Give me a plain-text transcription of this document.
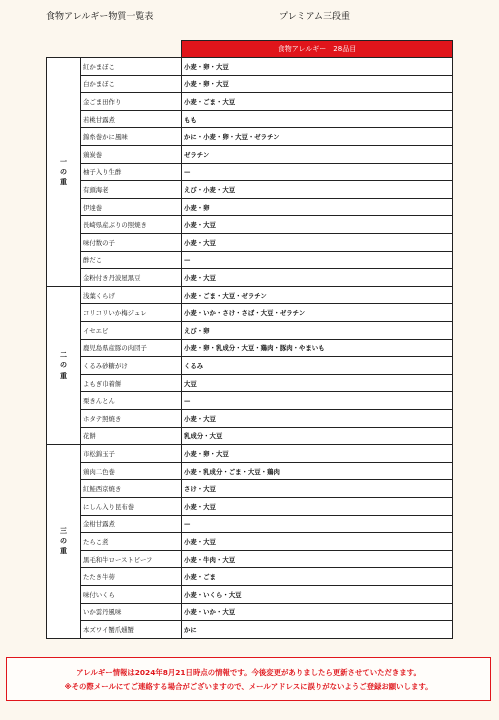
食物アレルギー物質一覧表	プレミアム三段重
		食物アレルギー　28品目
一
の
重	紅かまぼこ	小麦・卵・大豆
	白かまぼこ	小麦・卵・大豆
	金ごま田作り	小麦・ごま・大豆
	若桃甘露煮	もも
	錦糸巻かに風味	かに・小麦・卵・大豆・ゼラチン
	鶏炭巻	ゼラチン
	柚子入り生酢	—
	有頭海老	えび・小麦・大豆
	伊達巻	小麦・卵
	長崎県産ぶりの照焼き	小麦・大豆
	味付数の子	小麦・大豆
	酢だこ	—
	金粉付き丹波屋黒豆	小麦・大豆
二
の
重	浅葉くらげ	小麦・ごま・大豆・ゼラチン
	コリコリいか梅ジュレ	小麦・いか・さけ・さば・大豆・ゼラチン
	イセエビ	えび・卵
	鹿児島県産豚の肉団子	小麦・卵・乳成分・大豆・鶏肉・豚肉・やまいも
	くるみ砂糖がけ	くるみ
	よもぎ巾着餅	大豆
	栗きんとん	—
	ホタテ照焼き	小麦・大豆
	花餅	乳成分・大豆
三
の
重	市松錦玉子	小麦・卵・大豆
	鶏肉二色巻	小麦・乳成分・ごま・大豆・鶏肉
	紅鮭西京焼き	さけ・大豆
	にしん入り昆布巻	小麦・大豆
	金柑甘露煮	—
	たらこ煮	小麦・大豆
	黒毛和牛ローストビーフ	小麦・牛肉・大豆
	たたき牛蒡	小麦・ごま
	味付いくら	小麦・いくら・大豆
	いか雲丹風味	小麦・いか・大豆
	本ズワイ蟹爪燻蟹	かに
アレルギー情報は2024年8月21日時点の情報です。今後変更がありましたら更新させていただきます。
※その際メールにてご連絡する場合がございますので、メールアドレスに誤りがないようご登録お願いします。
